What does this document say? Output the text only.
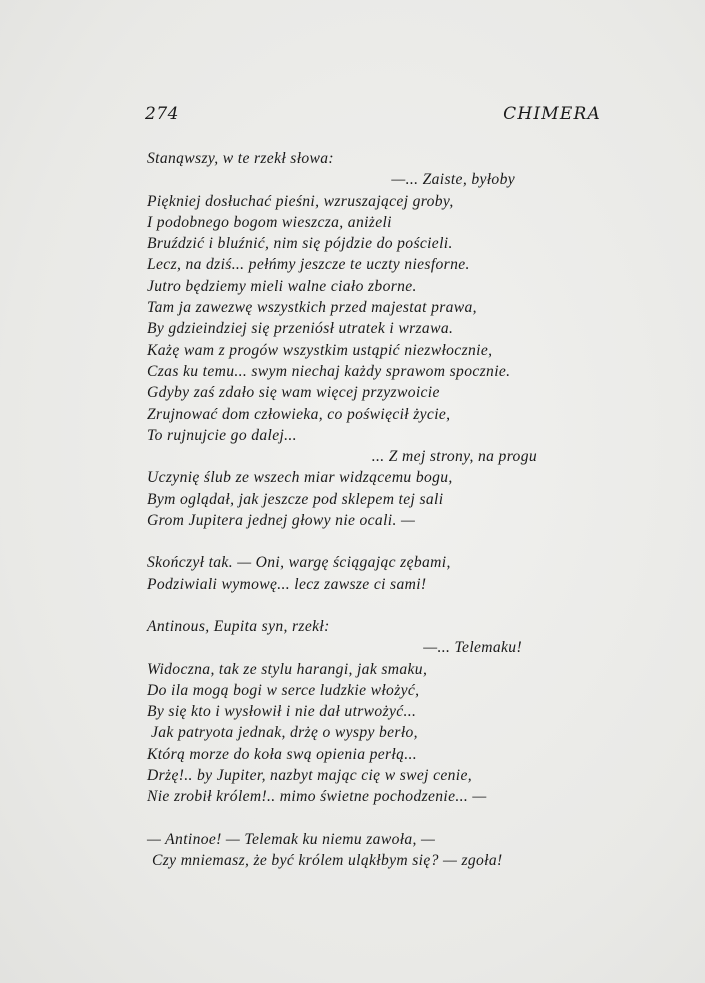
274	CHIMERA
Stanąwszy, w te rzekł słowa:
—... Zaiste, byłoby
Piękniej dosłuchać pieśni, wzruszającej groby,
I podobnego bogom wieszcza, aniżeli
Bruździć i bluźnić, nim się pójdzie do pościeli.
Lecz, na dziś... pełńmy jeszcze te uczty niesforne.
Jutro będziemy mieli walne ciało zborne.
Tam ja zawezwę wszystkich przed majestat prawa,
By gdzieindziej się przeniósł utratek i wrzawa.
Każę wam z progów wszystkim ustąpić niezwłocznie,
Czas ku temu... swym niechaj każdy sprawom spocznie.
Gdyby zaś zdało się wam więcej przyzwoicie
Zrujnować dom człowieka, co poświęcił życie,
To rujnujcie go dalej...
... Z mej strony, na progu
Uczynię ślub ze wszech miar widzącemu bogu,
Bym oglądał, jak jeszcze pod sklepem tej sali
Grom Jupitera jednej głowy nie ocali. —
Skończył tak. — Oni, wargę ściągając zębami,
Podziwiali wymowę... lecz zawsze ci sami!
Antinous, Eupita syn, rzekł:
—... Telemaku!
Widoczna, tak ze stylu harangi, jak smaku,
Do ila mogą bogi w serce ludzkie włożyć,
By się kto i wysłowił i nie dał utrwożyć...
Jak patryota jednak, drżę o wyspy berło,
Którą morze do koła swą opienia perłą...
Drżę!.. by Jupiter, nazbyt mając cię w swej cenie,
Nie zrobił królem!.. mimo świetne pochodzenie... —
— Antinoe! — Telemak ku niemu zawoła, —
Czy mniemasz, że być królem uląkłbym się? — zgoła!
